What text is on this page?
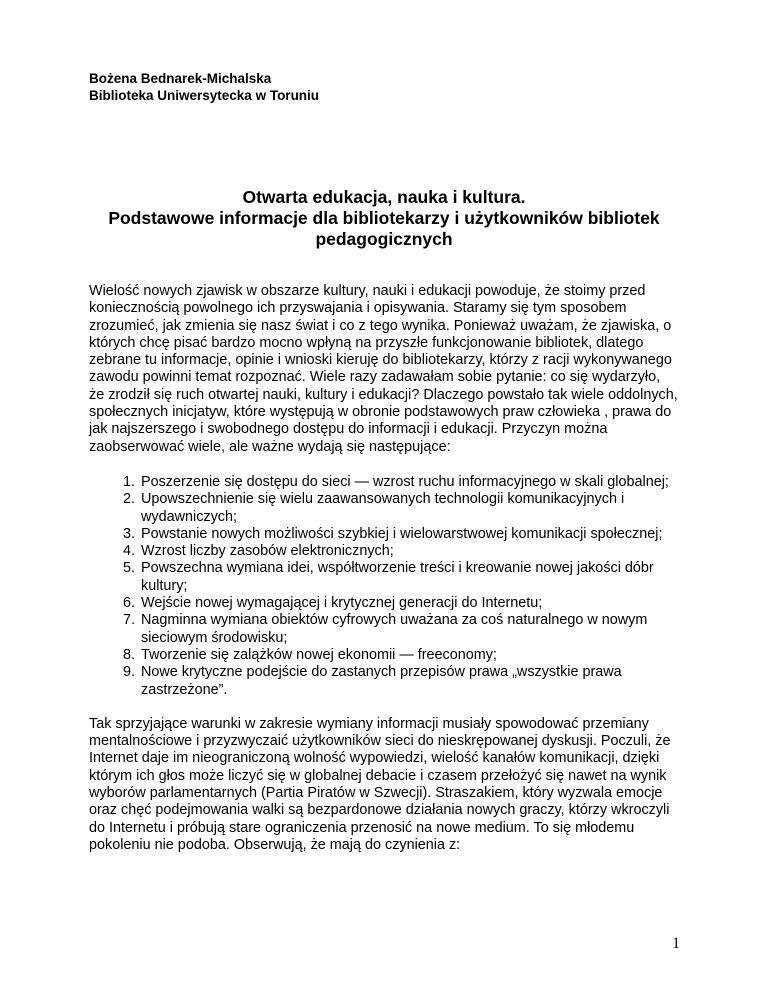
Bożena Bednarek-Michalska
Biblioteka Uniwersytecka w Toruniu
Otwarta edukacja, nauka i kultura.
Podstawowe informacje dla bibliotekarzy i użytkowników bibliotek
pedagogicznych

Wielość nowych zjawisk w obszarze kultury, nauki i edukacji powoduje, że stoimy przed koniecznością powolnego ich przyswajania i opisywania. Staramy się tym sposobem zrozumieć, jak zmienia się nasz świat i co z tego wynika. Ponieważ uważam, że zjawiska, o których chcę pisać bardzo mocno wpłyną na przyszłe funkcjonowanie bibliotek, dlatego zebrane tu informacje, opinie i wnioski kieruję do bibliotekarzy, którzy z racji wykonywanego zawodu powinni temat rozpoznać. Wiele razy zadawałam sobie pytanie: co się wydarzyło, że zrodził się ruch otwartej nauki, kultury i edukacji? Dlaczego powstało tak wiele oddolnych, społecznych inicjatyw, które występują w obronie podstawowych praw człowieka , prawa do jak najszerszego i swobodnego dostępu do informacji i edukacji. Przyczyn można zaobserwować wiele, ale ważne wydają się następujące:

1. Poszerzenie się dostępu do sieci — wzrost ruchu informacyjnego w skali globalnej;
2. Upowszechnienie się wielu zaawansowanych technologii komunikacyjnych i wydawniczych;
3. Powstanie nowych możliwości szybkiej i wielowarstwowej komunikacji społecznej;
4. Wzrost liczby zasobów elektronicznych;
5. Powszechna wymiana idei, współtworzenie treści i kreowanie nowej jakości dóbr kultury;
6. Wejście nowej wymagającej i krytycznej generacji do Internetu;
7. Nagminna wymiana obiektów cyfrowych uważana za coś naturalnego w nowym sieciowym środowisku;
8. Tworzenie się zalążków nowej ekonomii — freeconomy;
9. Nowe krytyczne podejście do zastanych przepisów prawa „wszystkie prawa zastrzeżone”.

Tak sprzyjające warunki w zakresie wymiany informacji musiały spowodować przemiany mentalnościowe i przyzwyczaić użytkowników sieci do nieskrępowanej dyskusji. Poczuli, że Internet daje im nieograniczoną wolność wypowiedzi, wielość kanałów komunikacji, dzięki którym ich głos może liczyć się w globalnej debacie i czasem przełożyć się nawet na wynik wyborów parlamentarnych (Partia Piratów w Szwecji). Straszakiem, który wyzwala emocje oraz chęć podejmowania walki są bezpardonowe działania nowych graczy, którzy wkroczyli do Internetu i próbują stare ograniczenia przenosić na nowe medium. To się młodemu pokoleniu nie podoba. Obserwują, że mają do czynienia z:

1
